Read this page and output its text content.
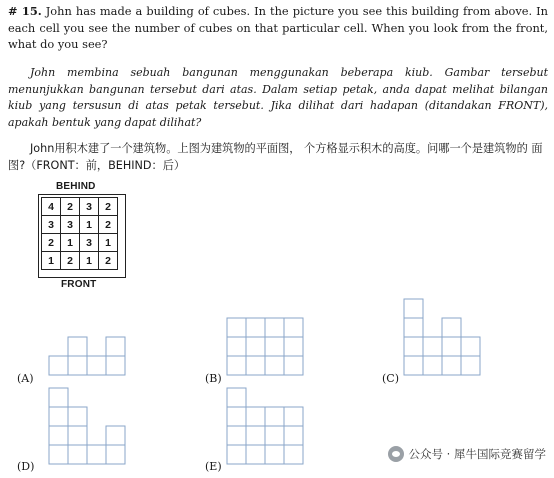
# 15. John has made a building of cubes. In the picture you see this building from above. In each cell you see the number of cubes on that particular cell. When you look from the front, what do you see?

John membina sebuah bangunan menggunakan beberapa kiub. Gambar tersebut menunjukkan bangunan tersebut dari atas. Dalam setiap petak, anda dapat melihat bilangan kiub yang tersusun di atas petak tersebut. Jika dilihat dari hadapan (ditandakan FRONT), apakah bentuk yang dapat dilihat?

John用积木建了一个建筑物。上图为建筑物的平面图， 个方格显示积木的高度。问哪一个是建筑物的 面图?（FRONT：前，BEHIND：后）

BEHIND
4	2	3	2
3	3	1	2
2	1	3	1
1	2	1	2
FRONT
(A)	(B)	(C)
(D)	(E)
公众号 · 犀牛国际竞赛留学
